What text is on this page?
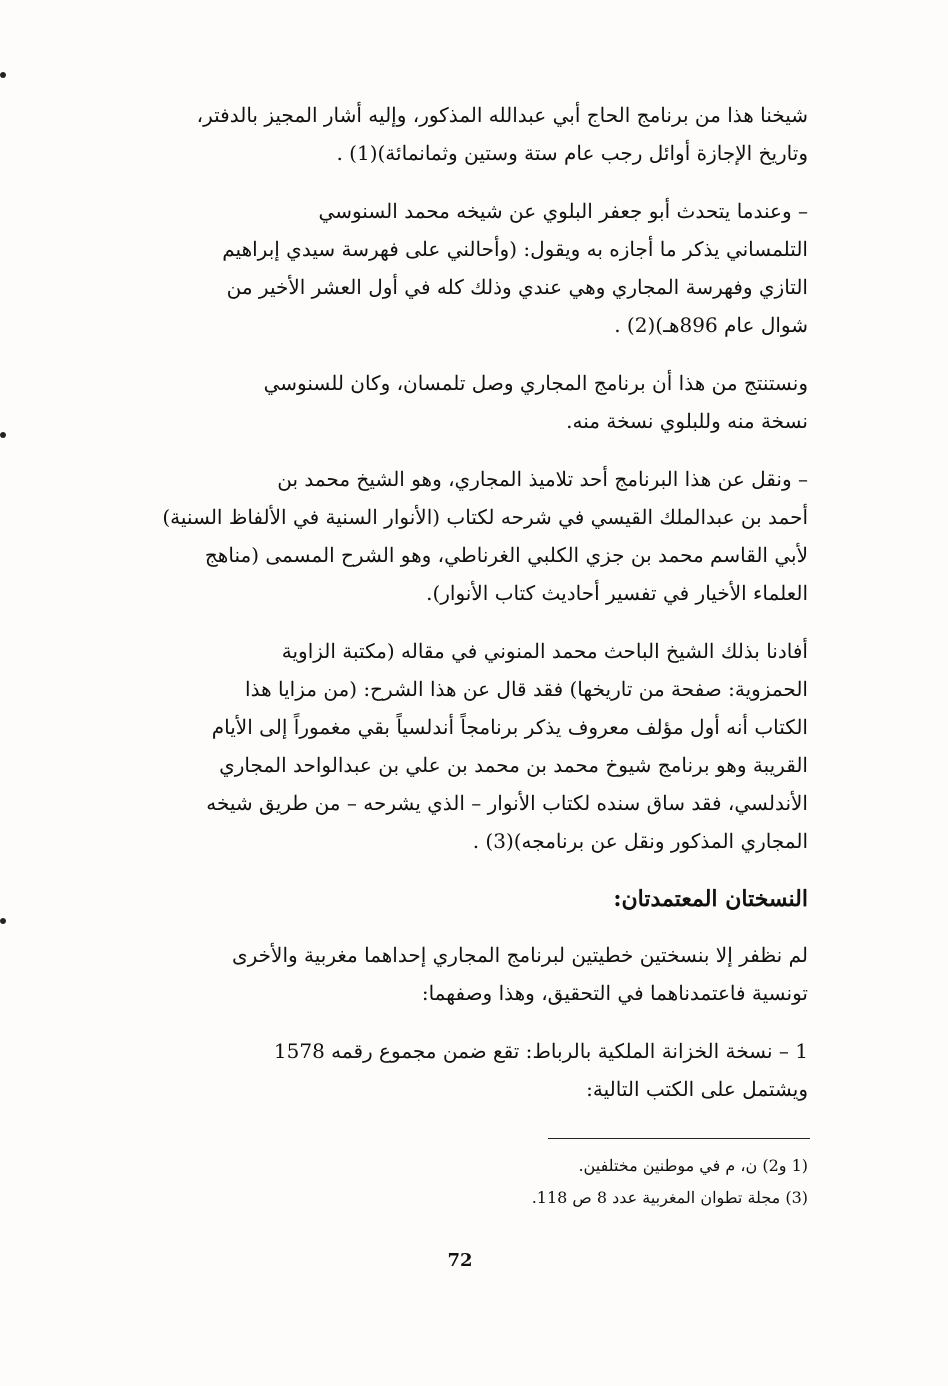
شيخنا هذا من برنامج الحاج أبي عبدالله المذكور، وإليه أشار المجيز بالدفتر،
وتاريخ الإجازة أوائل رجب عام ستة وستين وثمانمائة)(1) .
– وعندما يتحدث أبو جعفر البلوي عن شيخه محمد السنوسي
التلمساني يذكر ما أجازه به ويقول: (وأحالني على فهرسة سيدي إبراهيم
التازي وفهرسة المجاري وهي عندي وذلك كله في أول العشر الأخير من
شوال عام 896هـ)(2) .
ونستنتج من هذا أن برنامج المجاري وصل تلمسان، وكان للسنوسي
نسخة منه وللبلوي نسخة منه.
– ونقل عن هذا البرنامج أحد تلاميذ المجاري، وهو الشيخ محمد بن
أحمد بن عبدالملك القيسي في شرحه لكتاب (الأنوار السنية في الألفاظ السنية)
لأبي القاسم محمد بن جزي الكلبي الغرناطي، وهو الشرح المسمى (مناهج
العلماء الأخيار في تفسير أحاديث كتاب الأنوار).
أفادنا بذلك الشيخ الباحث محمد المنوني في مقاله (مكتبة الزاوية
الحمزوية: صفحة من تاريخها) فقد قال عن هذا الشرح: (من مزايا هذا
الكتاب أنه أول مؤلف معروف يذكر برنامجاً أندلسياً بقي مغموراً إلى الأيام
القريبة وهو برنامج شيوخ محمد بن محمد بن علي بن عبدالواحد المجاري
الأندلسي، فقد ساق سنده لكتاب الأنوار – الذي يشرحه – من طريق شيخه
المجاري المذكور ونقل عن برنامجه)(3) .
النسختان المعتمدتان:
لم نظفر إلا بنسختين خطيتين لبرنامج المجاري إحداهما مغربية والأخرى
تونسية فاعتمدناهما في التحقيق، وهذا وصفهما:
1 – نسخة الخزانة الملكية بالرباط: تقع ضمن مجموع رقمه 1578
ويشتمل على الكتب التالية:
(1 و2) ن، م في موطنين مختلفين.
(3) مجلة تطوان المغربية عدد 8 ص 118.
72
